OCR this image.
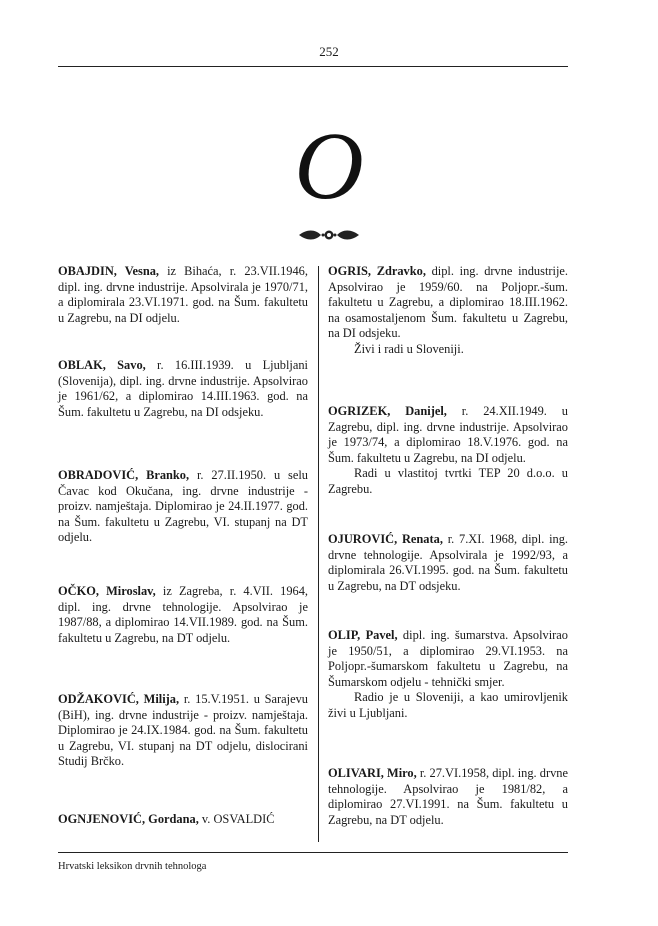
252
O
OBAJDIN, Vesna, iz Bihaća, r. 23.VII.1946, dipl. ing. drvne industrije. Apsolvirala je 1970/71, a diplomirala 23.VI.1971. god. na Šum. fakultetu u Zagrebu, na DI odjelu.
OBLAK, Savo, r. 16.III.1939. u Ljubljani (Slovenija), dipl. ing. drvne industrije. Apsolvirao je 1961/62, a diplomirao 14.III.1963. god. na Šum. fakultetu u Zagrebu, na DI odsjeku.
OBRADOVIĆ, Branko, r. 27.II.1950. u selu Čavac kod Okučana, ing. drvne industrije - proizv. namještaja. Diplomirao je 24.II.1977. god. na Šum. fakultetu u Zagrebu, VI. stupanj na DT odjelu.
OČKO, Miroslav, iz Zagreba, r. 4.VII. 1964, dipl. ing. drvne tehnologije. Apsolvirao je 1987/88, a diplomirao 14.VII.1989. god. na Šum. fakultetu u Zagrebu, na DT odjelu.
ODŽAKOVIĆ, Milija, r. 15.V.1951. u Sarajevu (BiH), ing. drvne industrije - proizv. namještaja. Diplomirao je 24.IX.1984. god. na Šum. fakultetu u Zagrebu, VI. stupanj na DT odjelu, dislocirani Studij Brčko.
OGNJENOVIĆ, Gordana, v. OSVALDIĆ
OGRIS, Zdravko, dipl. ing. drvne industrije. Apsolvirao je 1959/60. na Poljopr.-šum. fakultetu u Zagrebu, a diplomirao 18.III.1962. na osamostaljenom Šum. fakultetu u Zagrebu, na DI odsjeku.
Živi i radi u Sloveniji.
OGRIZEK, Danijel, r. 24.XII.1949. u Zagrebu, dipl. ing. drvne industrije. Apsolvirao je 1973/74, a diplomirao 18.V.1976. god. na Šum. fakultetu u Zagrebu, na DI odjelu.
Radi u vlastitoj tvrtki TEP 20 d.o.o. u Zagrebu.
OJUROVIĆ, Renata, r. 7.XI. 1968, dipl. ing. drvne tehnologije. Apsolvirala je 1992/93, a diplomirala 26.VI.1995. god. na Šum. fakultetu u Zagrebu, na DT odsjeku.
OLIP, Pavel, dipl. ing. šumarstva. Apsolvirao je 1950/51, a diplomirao 29.VI.1953. na Poljopr.-šumarskom fakultetu u Zagrebu, na Šumarskom odjelu - tehnički smjer.
Radio je u Sloveniji, a kao umirovljenik živi u Ljubljani.
OLIVARI, Miro, r. 27.VI.1958, dipl. ing. drvne tehnologije. Apsolvirao je 1981/82, a diplomirao 27.VI.1991. na Šum. fakultetu u Zagrebu, na DT odjelu.
Hrvatski leksikon drvnih tehnologa
